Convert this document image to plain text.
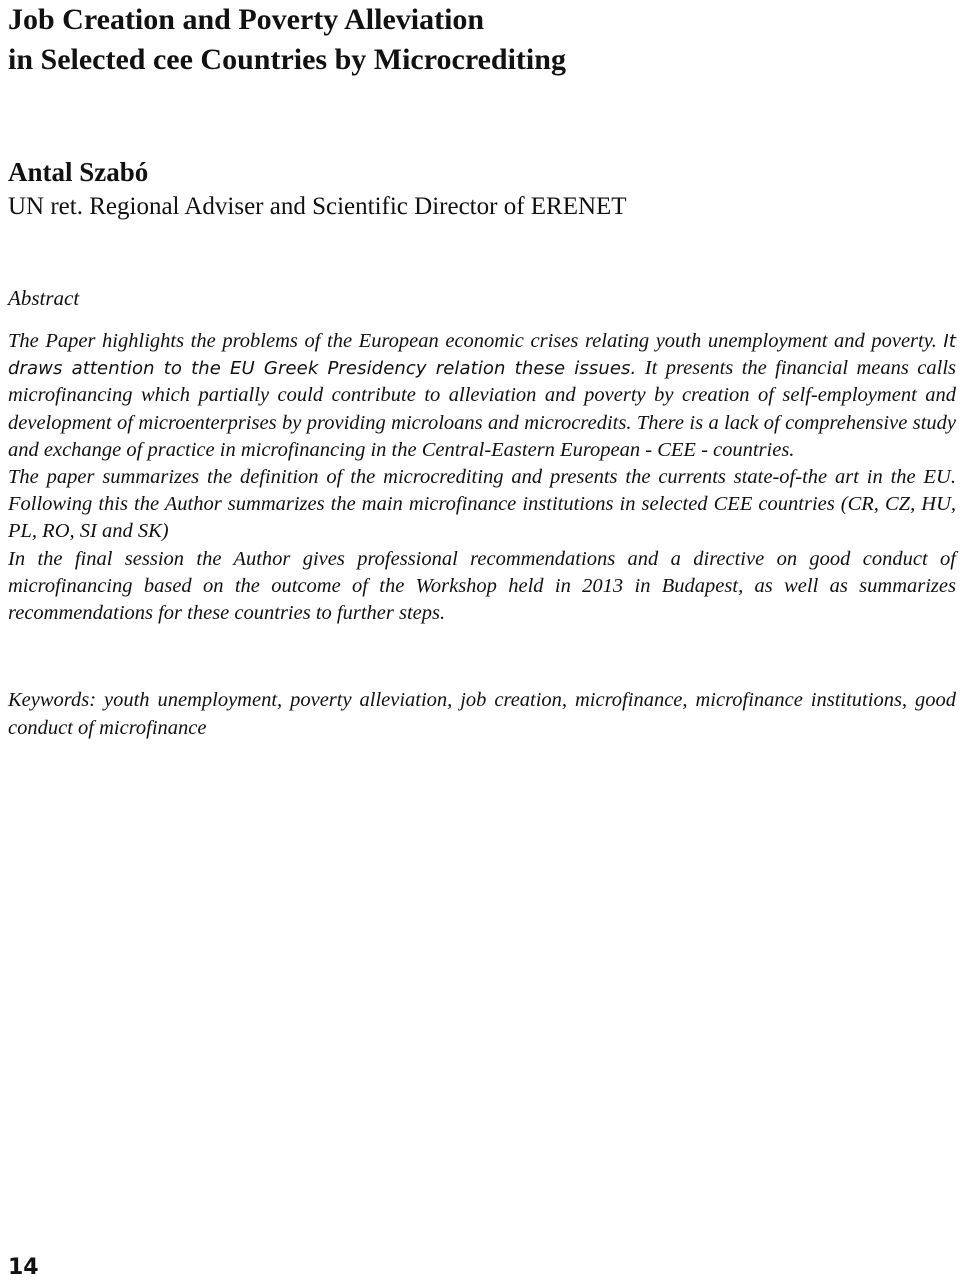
Job Creation and Poverty Alleviation
in Selected cee Countries by Microcrediting

Antal Szabó

UN ret. Regional Adviser and Scientific Director of ERENET

Abstract

The Paper highlights the problems of the European economic crises relating youth unemployment and poverty. It draws attention to the EU Greek Presidency relation these issues. It presents the financial means calls microfinancing which partially could contribute to alleviation and poverty by creation of self-employment and development of microenterprises by providing microloans and microcredits. There is a lack of comprehensive study and exchange of practice in microfinancing in the Central-Eastern European - CEE - countries.

The paper summarizes the definition of the microcrediting and presents the currents state-of-the art in the EU. Following this the Author summarizes the main microfinance institutions in selected CEE countries (CR, CZ, HU, PL, RO, SI and SK)

In the final session the Author gives professional recommendations and a directive on good conduct of microfinancing based on the outcome of the Workshop held in 2013 in Budapest, as well as summarizes recommendations for these countries to further steps.

Keywords: youth unemployment, poverty alleviation, job creation, microfinance, microfinance institutions, good conduct of microfinance

14
